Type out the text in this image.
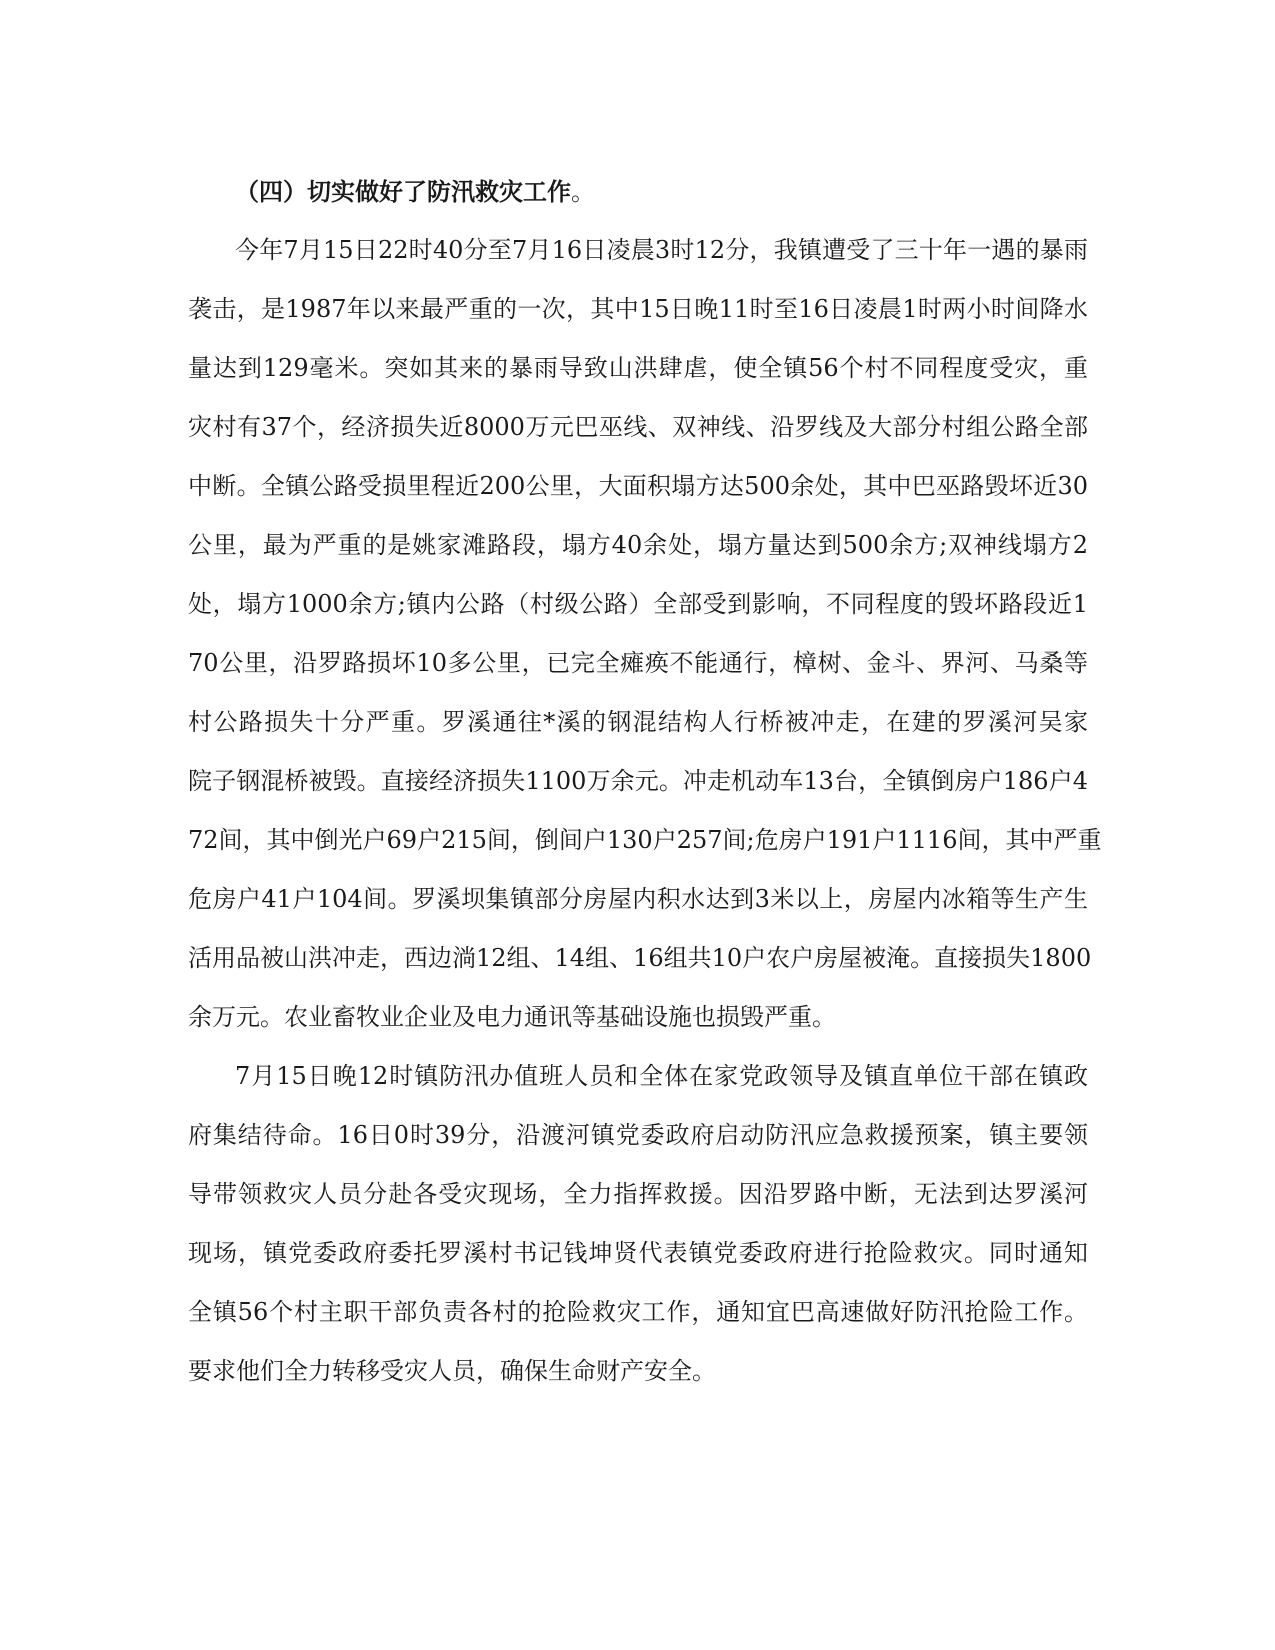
（四）切实做好了防汛救灾工作。

今年7月15日22时40分至7月16日凌晨3时12分，我镇遭受了三十年一遇的暴雨
袭击，是1987年以来最严重的一次，其中15日晚11时至16日凌晨1时两小时间降水
量达到129毫米。突如其来的暴雨导致山洪肆虐，使全镇56个村不同程度受灾，重
灾村有37个，经济损失近8000万元巴巫线、双神线、沿罗线及大部分村组公路全部
中断。全镇公路受损里程近200公里，大面积塌方达500余处，其中巴巫路毁坏近30
公里，最为严重的是姚家滩路段，塌方40余处，塌方量达到500余方;双神线塌方2
处，塌方1000余方;镇内公路（村级公路）全部受到影响，不同程度的毁坏路段近1
70公里，沿罗路损坏10多公里，已完全瘫痪不能通行，樟树、金斗、界河、马桑等
村公路损失十分严重。罗溪通往*溪的钢混结构人行桥被冲走，在建的罗溪河吴家
院子钢混桥被毁。直接经济损失1100万余元。冲走机动车13台，全镇倒房户186户4
72间，其中倒光户69户215间，倒间户130户257间;危房户191户1116间，其中严重
危房户41户104间。罗溪坝集镇部分房屋内积水达到3米以上，房屋内冰箱等生产生
活用品被山洪冲走，西边淌12组、14组、16组共10户农户房屋被淹。直接损失1800
余万元。农业畜牧业企业及电力通讯等基础设施也损毁严重。
7月15日晚12时镇防汛办值班人员和全体在家党政领导及镇直单位干部在镇政
府集结待命。16日0时39分，沿渡河镇党委政府启动防汛应急救援预案，镇主要领
导带领救灾人员分赴各受灾现场，全力指挥救援。因沿罗路中断，无法到达罗溪河
现场，镇党委政府委托罗溪村书记钱坤贤代表镇党委政府进行抢险救灾。同时通知
全镇56个村主职干部负责各村的抢险救灾工作，通知宜巴高速做好防汛抢险工作。
要求他们全力转移受灾人员，确保生命财产安全。
